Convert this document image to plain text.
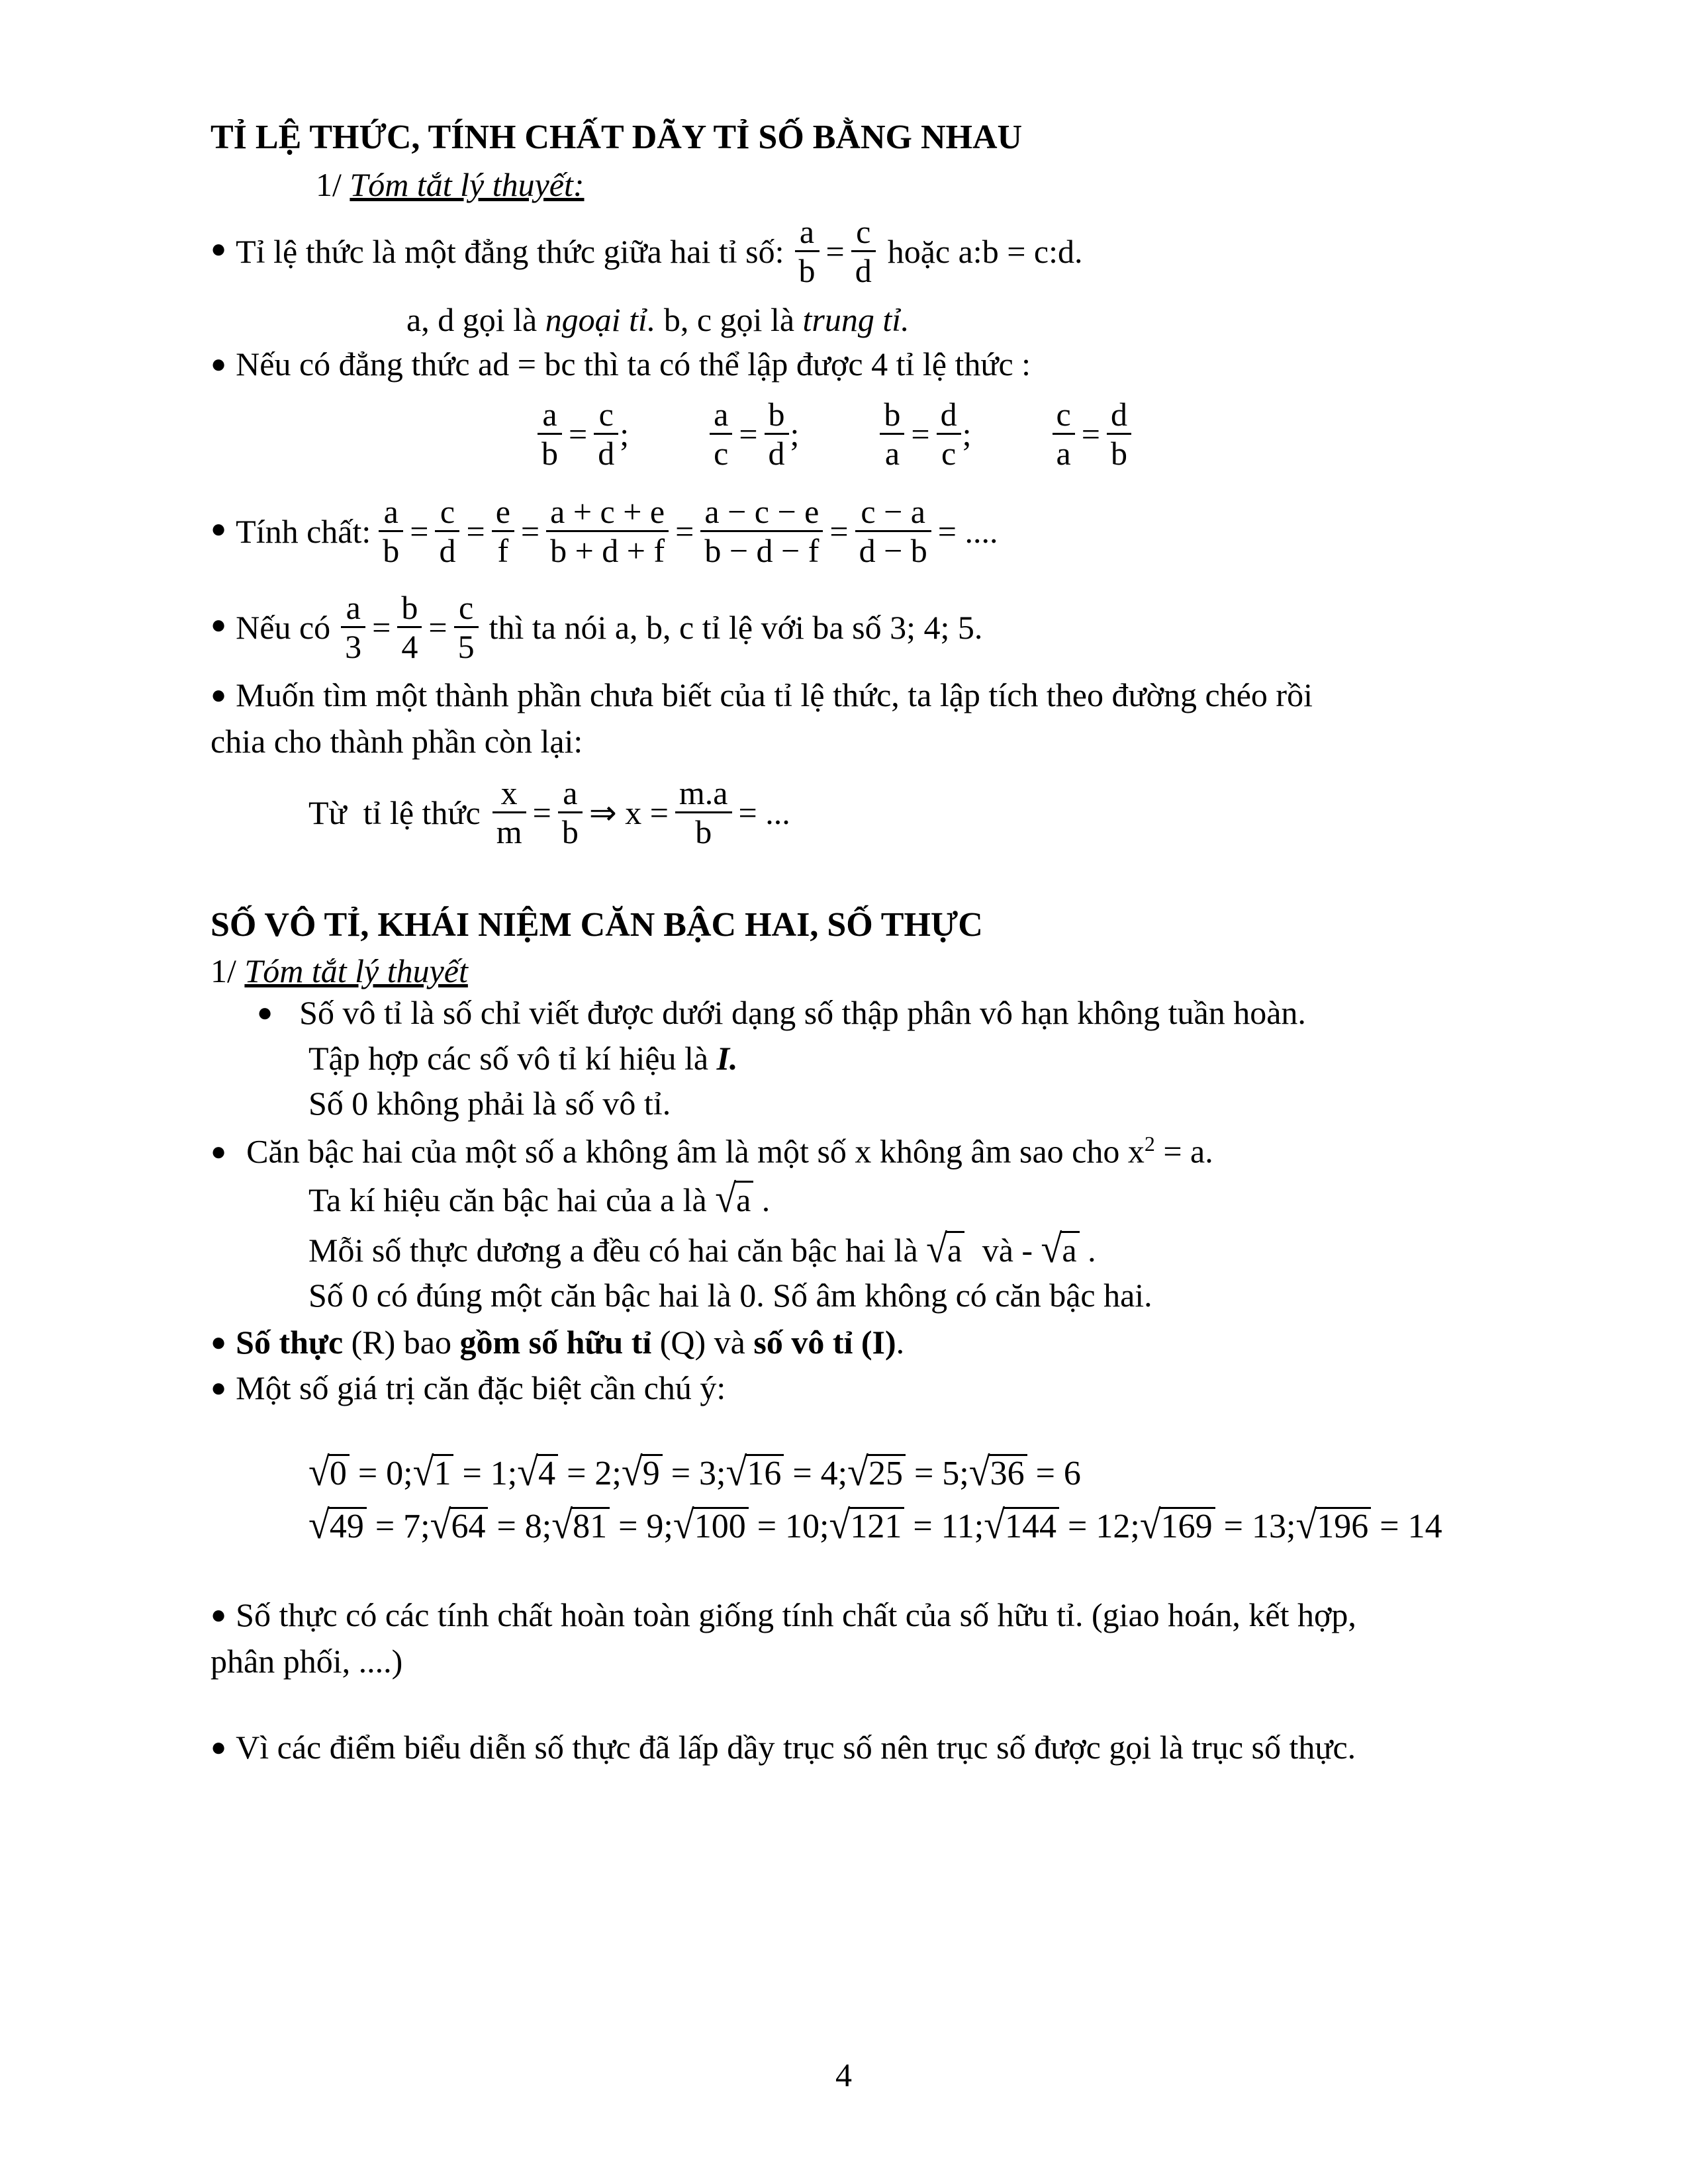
TỈ LỆ THỨC, TÍNH CHẤT DÃY TỈ SỐ BẰNG NHAU
1/ Tóm tắt lý thuyết:
● Tỉ lệ thức là một đẳng thức giữa hai tỉ số: $\frac{a}{b} = \frac{c}{d}$ hoặc a:b = c:d.
a, d gọi là ngoại tỉ. b, c gọi là trung tỉ.
● Nếu có đẳng thức ad = bc thì ta có thể lập được 4 tỉ lệ thức :
$\frac{a}{b} = \frac{c}{d}$ ; $\frac{a}{c} = \frac{b}{d}$ ; $\frac{b}{a} = \frac{d}{c}$ ; $\frac{c}{a} = \frac{d}{b}$
● Tính chất: $\frac{a}{b} = \frac{c}{d} = \frac{e}{f} = \frac{a + c + e}{b + d + f} = \frac{a - c - e}{b - d - f} = \frac{c - a}{d - b}$ = ....
● Nếu có $\frac{a}{3} = \frac{b}{4} = \frac{c}{5}$ thì ta nói a, b, c tỉ lệ với ba số 3; 4; 5.
● Muốn tìm một thành phần chưa biết của tỉ lệ thức, ta lập tích theo đường chéo rồi
chia cho thành phần còn lại:
Từ  tỉ lệ thức $\frac{x}{m} = \frac{a}{b}$ ⇒ $x = \frac{m.a}{b}$ = ...
SỐ VÔ TỈ, KHÁI NIỆM CĂN BẬC HAI, SỐ THỰC
1/ Tóm tắt lý thuyết
● Số vô tỉ là số chỉ viết được dưới dạng số thập phân vô hạn không tuần hoàn.
Tập hợp các số vô tỉ kí hiệu là I.
Số 0 không phải là số vô tỉ.
● Căn bậc hai của một số a không âm là một số x không âm sao cho $x^2 = a$.
Ta kí hiệu căn bậc hai của a là √a .
Mỗi số thực dương a đều có hai căn bậc hai là √a và - √a .
Số 0 có đúng một căn bậc hai là 0. Số âm không có căn bậc hai.
● Số thực (R) bao gồm số hữu tỉ (Q) và số vô tỉ (I).
● Một số giá trị căn đặc biệt cần chú ý:
√0 = 0; √1 = 1; √4 = 2; √9 = 3; √16 = 4; √25 = 5; √36 = 6
√49 = 7; √64 = 8; √81 = 9; √100 = 10; √121 = 11; √144 = 12; √169 = 13; √196 = 14
● Số thực có các tính chất hoàn toàn giống tính chất của số hữu tỉ. (giao hoán, kết hợp,
phân phối, ....)
● Vì các điểm biểu diễn số thực đã lấp dầy trục số nên trục số được gọi là trục số thực.
4
